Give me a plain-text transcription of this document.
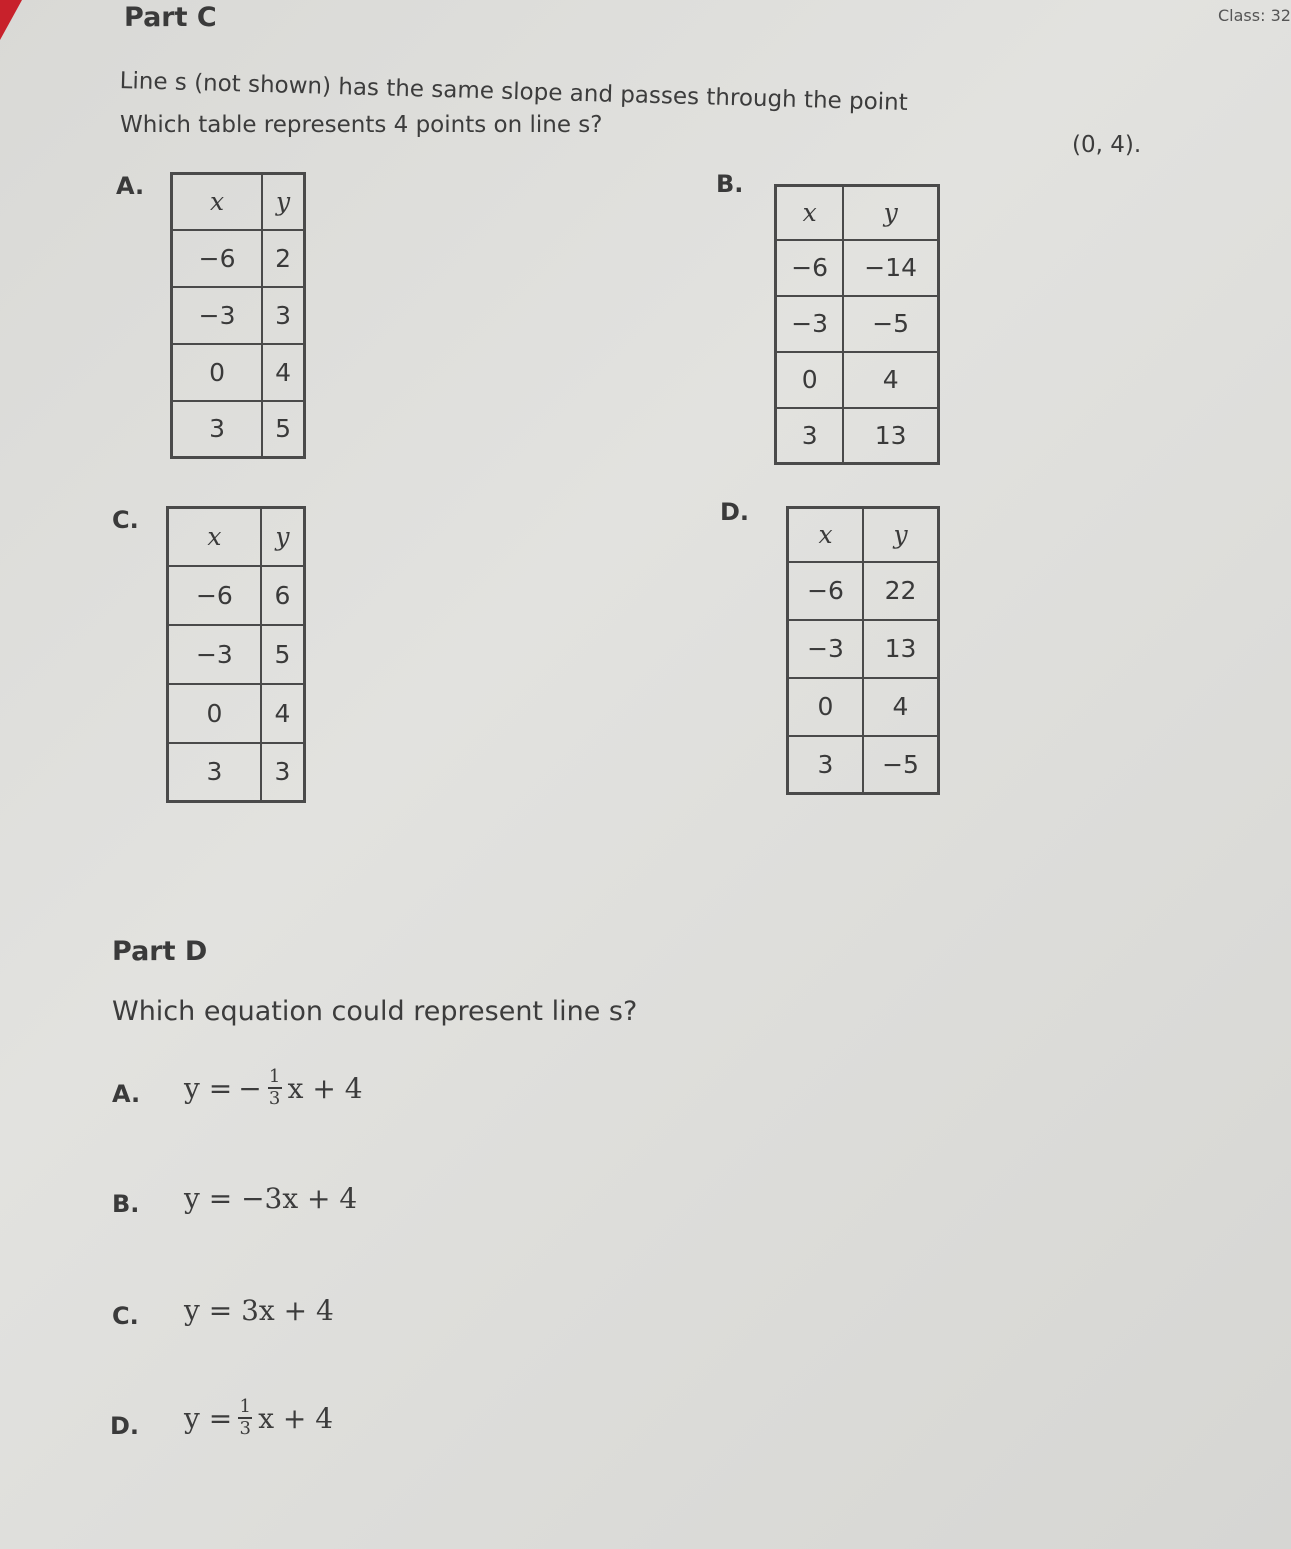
Class: 32
Part C
Line s (not shown) has the same slope and passes through the point
(0, 4).
Which table represents 4 points on line s?
A.
x	y
−6	2
−3	3
0	4
3	5
B.
x	y
−6	−14
−3	−5
0	4
3	13
C.
x	y
−6	6
−3	5
0	4
3	3
D.
x	y
−6	22
−3	13
0	4
3	−5
Part D
Which equation could represent line s?
A. y = − $\frac{1}{3}$ x + 4
B. y = −3x + 4
C. y = 3x + 4
D. $y = \frac{1}{3}$ x + 4
